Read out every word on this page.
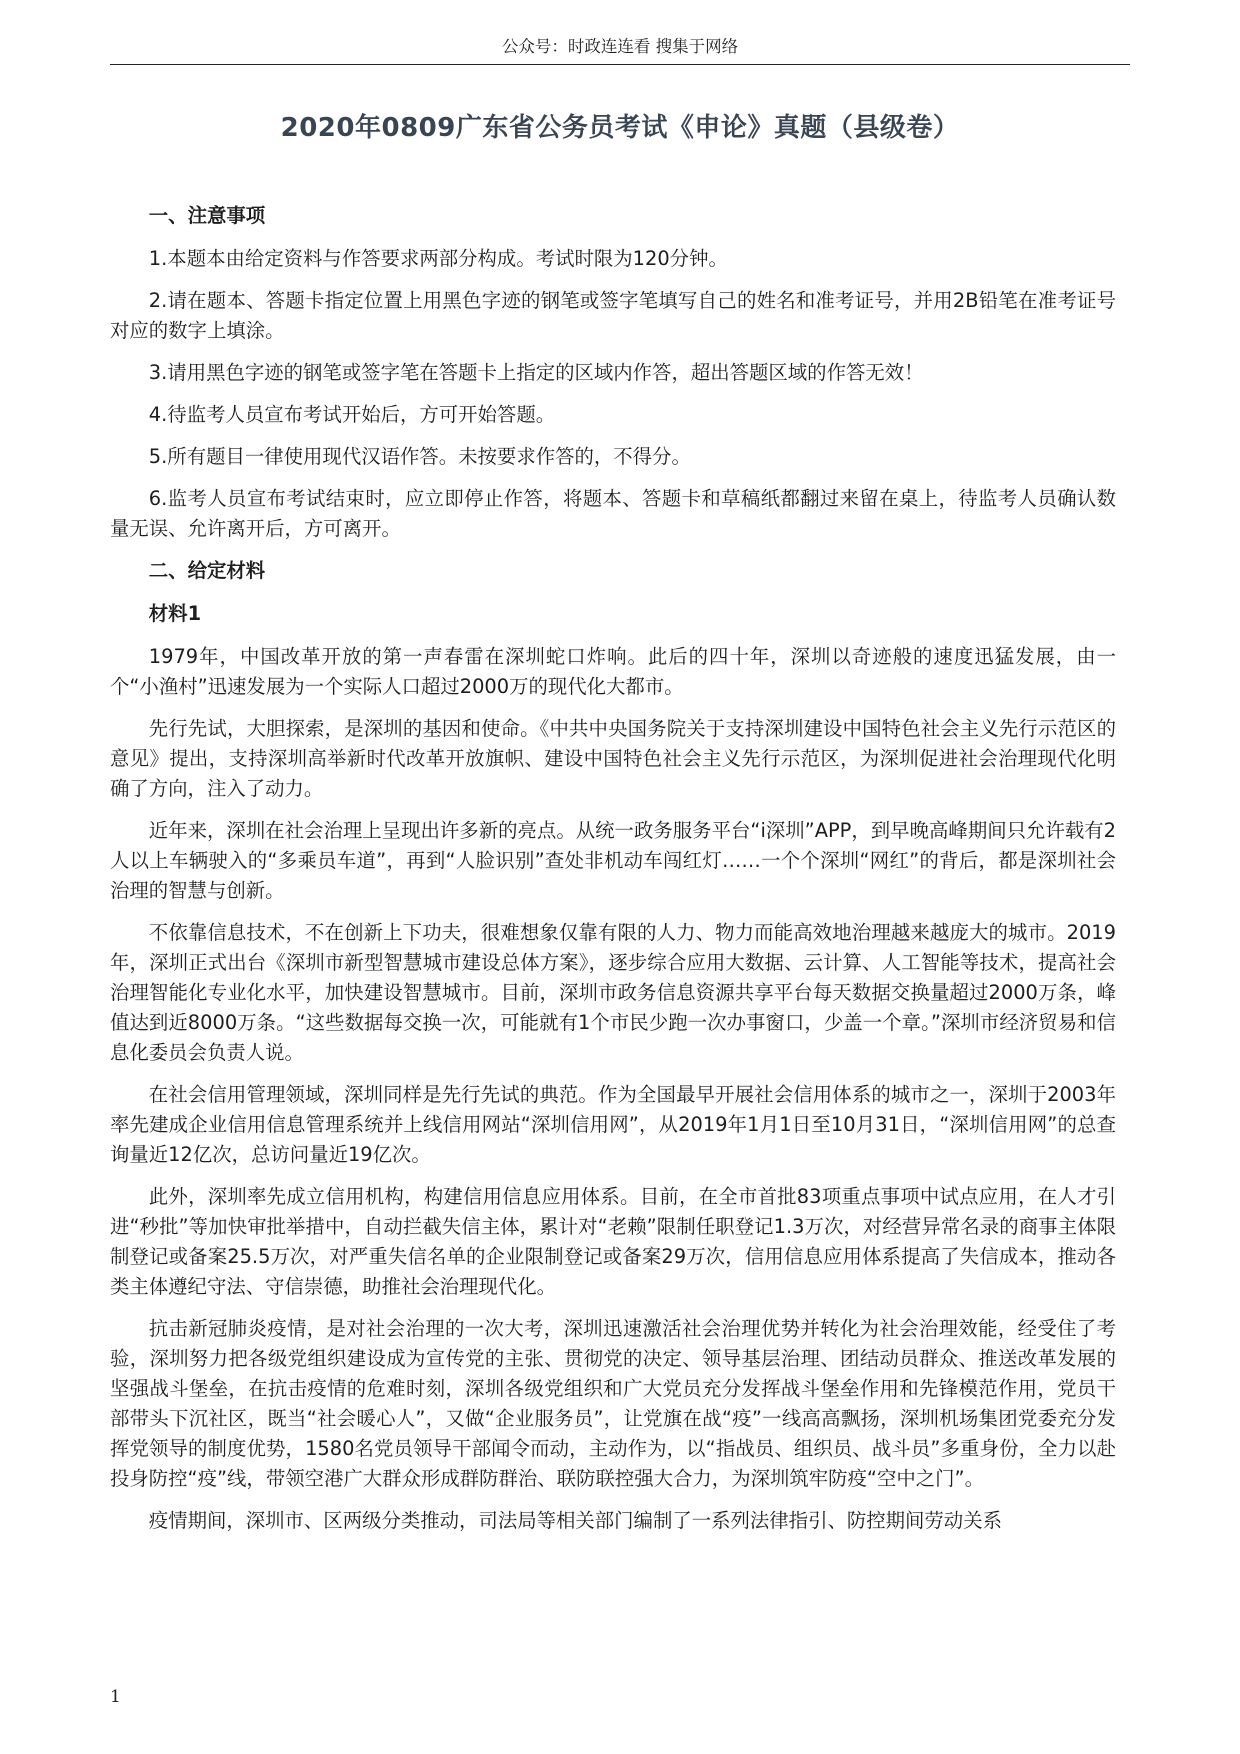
公众号：时政连连看 搜集于网络
2020年0809广东省公务员考试《申论》真题（县级卷）
一、注意事项

1.本题本由给定资料与作答要求两部分构成。考试时限为120分钟。

2.请在题本、答题卡指定位置上用黑色字迹的钢笔或签字笔填写自己的姓名和准考证号，并用2B铅笔在准考证号对应的数字上填涂。

3.请用黑色字迹的钢笔或签字笔在答题卡上指定的区域内作答，超出答题区域的作答无效！

4.待监考人员宣布考试开始后，方可开始答题。

5.所有题目一律使用现代汉语作答。未按要求作答的，不得分。

6.监考人员宣布考试结束时，应立即停止作答，将题本、答题卡和草稿纸都翻过来留在桌上，待监考人员确认数量无误、允许离开后，方可离开。

二、给定材料
材料1

1979年，中国改革开放的第一声春雷在深圳蛇口炸响。此后的四十年，深圳以奇迹般的速度迅猛发展，由一个“小渔村”迅速发展为一个实际人口超过2000万的现代化大都市。

先行先试，大胆探索，是深圳的基因和使命。《中共中央国务院关于支持深圳建设中国特色社会主义先行示范区的意见》提出，支持深圳高举新时代改革开放旗帜、建设中国特色社会主义先行示范区，为深圳促进社会治理现代化明确了方向，注入了动力。

近年来，深圳在社会治理上呈现出许多新的亮点。从统一政务服务平台“i深圳”APP，到早晚高峰期间只允许载有2人以上车辆驶入的“多乘员车道”，再到“人脸识别”查处非机动车闯红灯……一个个深圳“网红”的背后，都是深圳社会治理的智慧与创新。

不依靠信息技术，不在创新上下功夫，很难想象仅靠有限的人力、物力而能高效地治理越来越庞大的城市。2019年，深圳正式出台《深圳市新型智慧城市建设总体方案》，逐步综合应用大数据、云计算、人工智能等技术，提高社会治理智能化专业化水平，加快建设智慧城市。目前，深圳市政务信息资源共享平台每天数据交换量超过2000万条，峰值达到近8000万条。“这些数据每交换一次，可能就有1个市民少跑一次办事窗口，少盖一个章。”深圳市经济贸易和信息化委员会负责人说。

在社会信用管理领域，深圳同样是先行先试的典范。作为全国最早开展社会信用体系的城市之一，深圳于2003年率先建成企业信用信息管理系统并上线信用网站“深圳信用网”，从2019年1月1日至10月31日，“深圳信用网”的总查询量近12亿次，总访问量近19亿次。

此外，深圳率先成立信用机构，构建信用信息应用体系。目前，在全市首批83项重点事项中试点应用，在人才引进“秒批”等加快审批举措中，自动拦截失信主体，累计对“老赖”限制任职登记1.3万次，对经营异常名录的商事主体限制登记或备案25.5万次，对严重失信名单的企业限制登记或备案29万次，信用信息应用体系提高了失信成本，推动各类主体遵纪守法、守信崇德，助推社会治理现代化。

抗击新冠肺炎疫情，是对社会治理的一次大考，深圳迅速激活社会治理优势并转化为社会治理效能，经受住了考验，深圳努力把各级党组织建设成为宣传党的主张、贯彻党的决定、领导基层治理、团结动员群众、推送改革发展的坚强战斗堡垒，在抗击疫情的危难时刻，深圳各级党组织和广大党员充分发挥战斗堡垒作用和先锋模范作用，党员干部带头下沉社区，既当“社会暖心人”，又做“企业服务员”，让党旗在战“疫”一线高高飘扬，深圳机场集团党委充分发挥党领导的制度优势，1580名党员领导干部闻令而动，主动作为，以“指战员、组织员、战斗员”多重身份，全力以赴投身防控“疫”线，带领空港广大群众形成群防群治、联防联控强大合力，为深圳筑牢防疫“空中之门”。

疫情期间，深圳市、区两级分类推动，司法局等相关部门编制了一系列法律指引、防控期间劳动关系

1
